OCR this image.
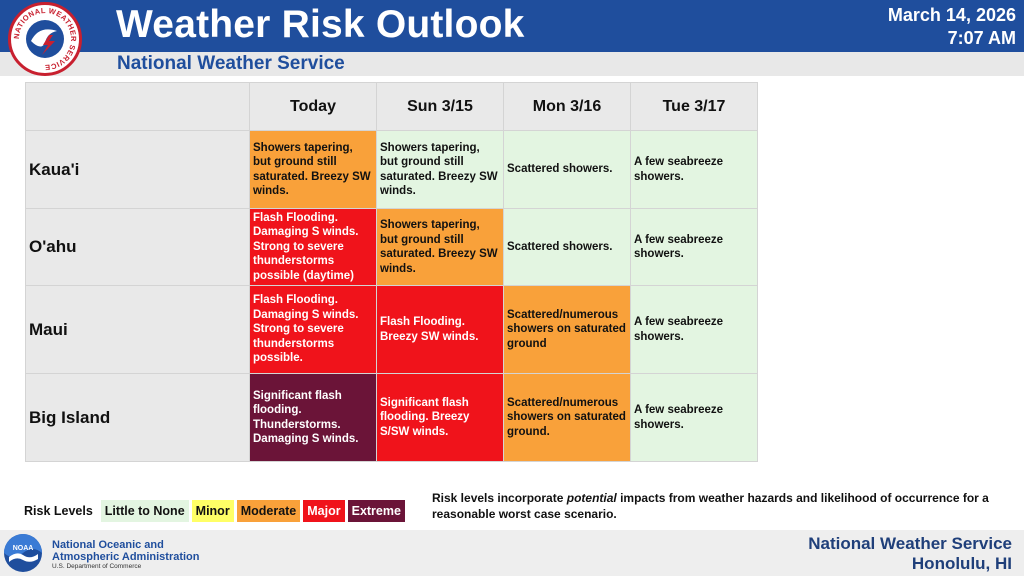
Weather Risk Outlook	March 14, 2026
7:07 AM
NATIONAL WEATHER SERVICE	National Weather Service
	Today	Sun 3/15	Mon 3/16	Tue 3/17
Kaua'i	Showers tapering, but ground still saturated. Breezy SW winds.	Showers tapering, but ground still saturated. Breezy SW winds.	Scattered showers.	A few seabreeze showers.
O'ahu	Flash Flooding. Damaging S winds. Strong to severe thunderstorms possible (daytime)	Showers tapering, but ground still saturated. Breezy SW winds.	Scattered showers.	A few seabreeze showers.
Maui	Flash Flooding. Damaging S winds. Strong to severe thunderstorms possible.	Flash Flooding. Breezy SW winds.	Scattered/numerous showers on saturated ground	A few seabreeze showers.
Big Island	Significant flash flooding. Thunderstorms. Damaging S winds.	Significant flash flooding. Breezy S/SW winds.	Scattered/numerous showers on saturated ground.	A few seabreeze showers.
Risk Levels Little to None Minor Moderate Major Extreme
Risk levels incorporate potential impacts from weather hazards and likelihood of occurrence for a reasonable worst case scenario.
NOAA National Oceanic and
Atmospheric Administration
U.S. Department of Commerce
National Weather Service
Honolulu, HI
